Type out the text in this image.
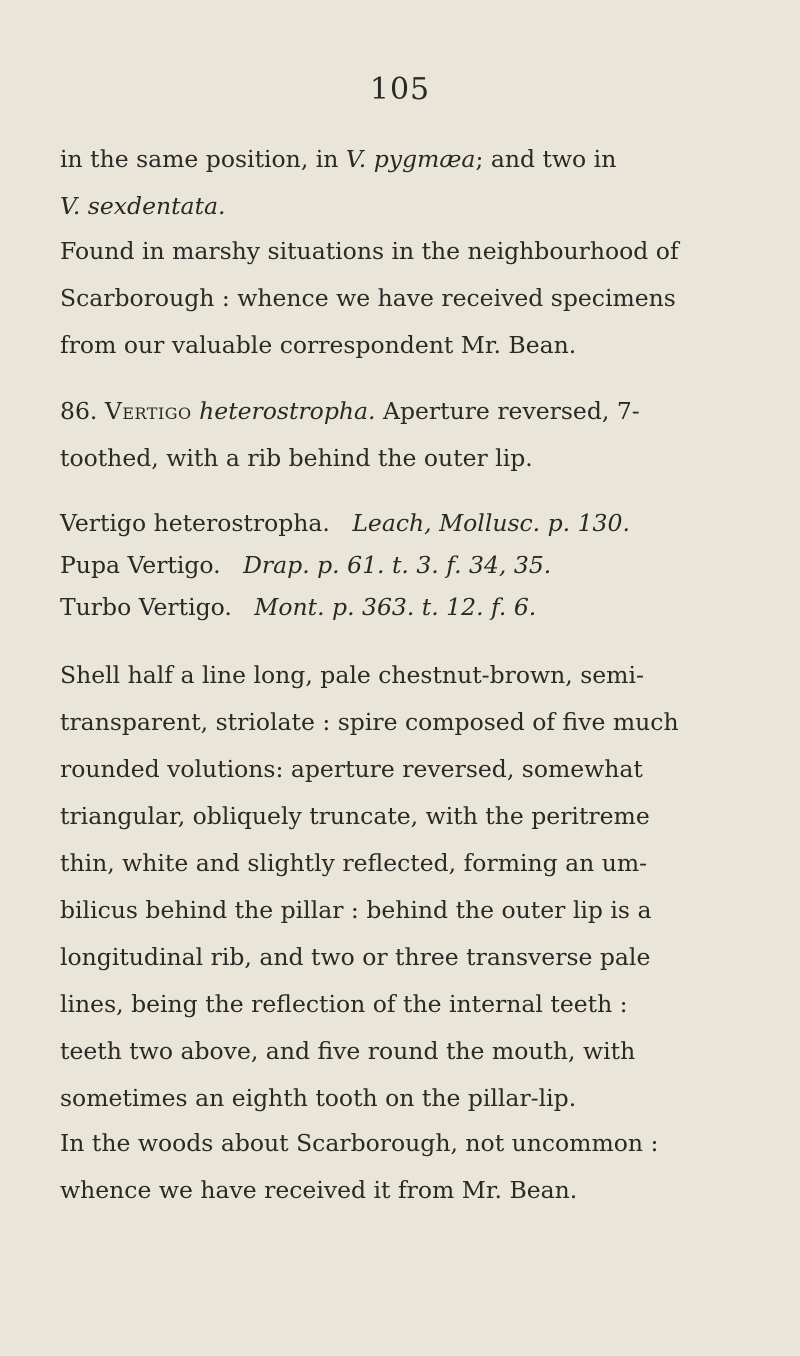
105
in the same position, in V. pygmæa; and two in
V. sexdentata.
Found in marshy situations in the neighbourhood of
Scarborough : whence we have received specimens
from our valuable correspondent Mr. Bean.
86. Vertigo heterostropha. Aperture reversed, 7-
toothed, with a rib behind the outer lip.
Vertigo heterostropha. Leach, Mollusc. p. 130.
Pupa Vertigo. Drap. p. 61. t. 3. f. 34, 35.
Turbo Vertigo. Mont. p. 363. t. 12. f. 6.
Shell half a line long, pale chestnut-brown, semi-
transparent, striolate : spire composed of five much
rounded volutions: aperture reversed, somewhat
triangular, obliquely truncate, with the peritreme
thin, white and slightly reflected, forming an um-
bilicus behind the pillar : behind the outer lip is a
longitudinal rib, and two or three transverse pale
lines, being the reflection of the internal teeth :
teeth two above, and five round the mouth, with
sometimes an eighth tooth on the pillar-lip.
In the woods about Scarborough, not uncommon :
whence we have received it from Mr. Bean.
